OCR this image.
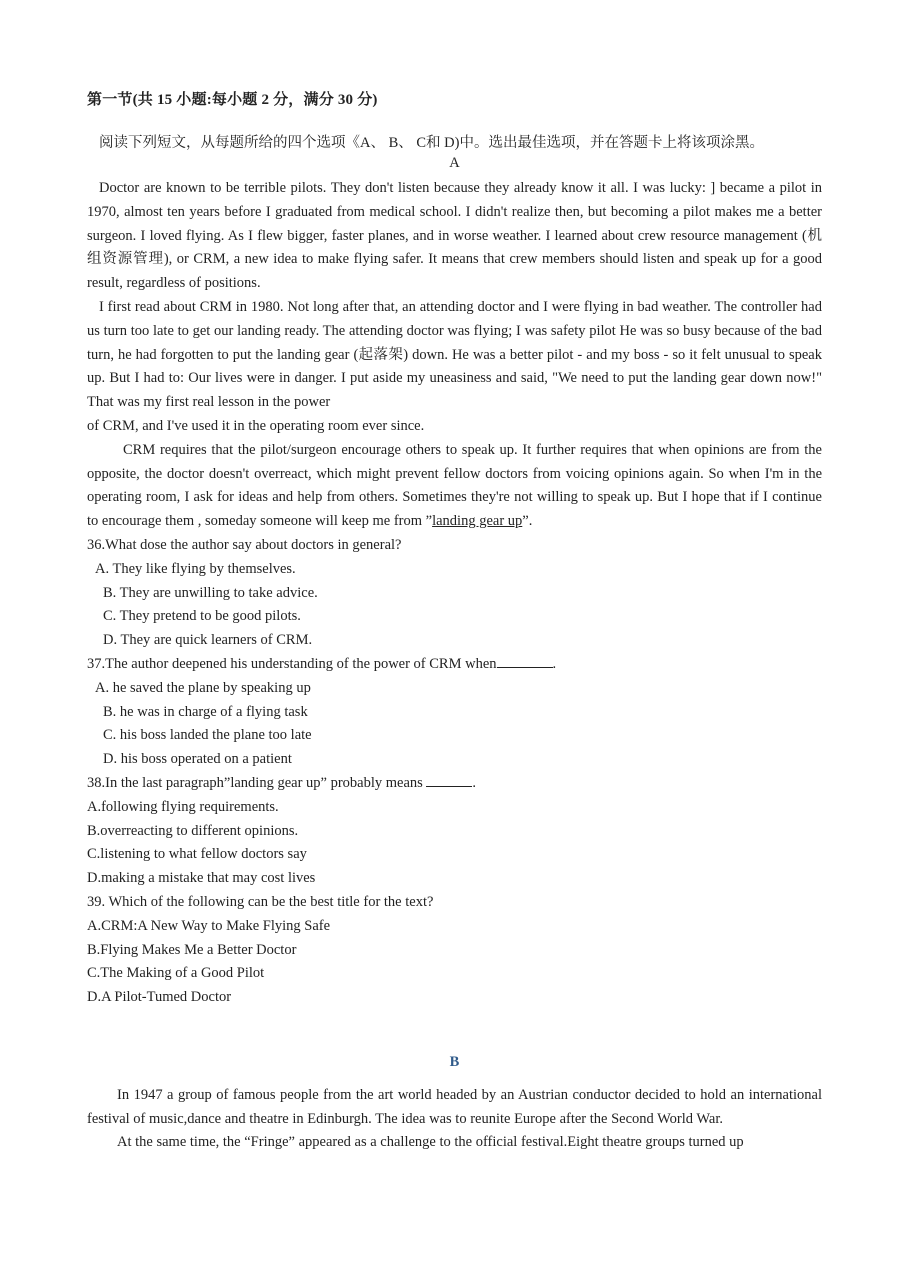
第一节(共 15 小题:每小题 2 分，满分 30 分)
阅读下列短文，从每题所给的四个选项《A、 B、 C和 D)中。选出最佳选项，并在答题卡上将该项涂黑。
A

Doctor are known to be terrible pilots. They don't listen because they already know it all. I was lucky: ] became a pilot in 1970, almost ten years before I graduated from medical school. I didn't realize then, but becoming a pilot makes me a better surgeon. I loved flying. As I flew bigger, faster planes, and in worse weather. I learned about crew resource management (机组资源管理), or CRM, a new idea to make flying safer. It means that crew members should listen and speak up for a good result, regardless of positions.

I first read about CRM in 1980. Not long after that, an attending doctor and I were flying in bad weather. The controller had us turn too late to get our landing ready. The attending doctor was flying; I was safety pilot He was so busy because of the bad turn, he had forgotten to put the landing gear (起落架) down. He was a better pilot - and my boss - so it felt unusual to speak up. But I had to: Our lives were in danger. I put aside my uneasiness and said, "We need to put the landing gear down now!" That was my first real lesson in the power

of CRM, and I've used it in the operating room ever since.

CRM requires that the pilot/surgeon encourage others to speak up. It further requires that when opinions are from the opposite, the doctor doesn't overreact, which might prevent fellow doctors from voicing opinions again. So when I'm in the operating room, I ask for ideas and help from others. Sometimes they're not willing to speak up. But I hope that if I continue to encourage them , someday someone will keep me from ”landing gear up”.

36.What dose the author say about doctors in general?
A. They like flying by themselves.
B. They are unwilling to take advice.
C. They pretend to be good pilots.
D. They are quick learners of CRM.
37.The author deepened his understanding of the power of CRM when	.
A. he saved the plane by speaking up
B. he was in charge of a flying task
C. his boss landed the plane too late
D. his boss operated on a patient
38.In the last paragraph”landing gear up” probably means	.
A.following flying requirements.
B.overreacting to different opinions.
C.listening to what fellow doctors say
D.making a mistake that may cost lives
39. Which of the following can be the best title for the text?
A.CRM:A New Way to Make Flying Safe
B.Flying Makes Me a Better Doctor
C.The Making of a Good Pilot
D.A Pilot-Tumed Doctor
B

In 1947 a group of famous people from the art world headed by an Austrian conductor decided to hold an international festival of music,dance and theatre in Edinburgh. The idea was to reunite Europe after the Second World War.

At the same time, the “Fringe” appeared as a challenge to the official festival.Eight theatre groups turned up
